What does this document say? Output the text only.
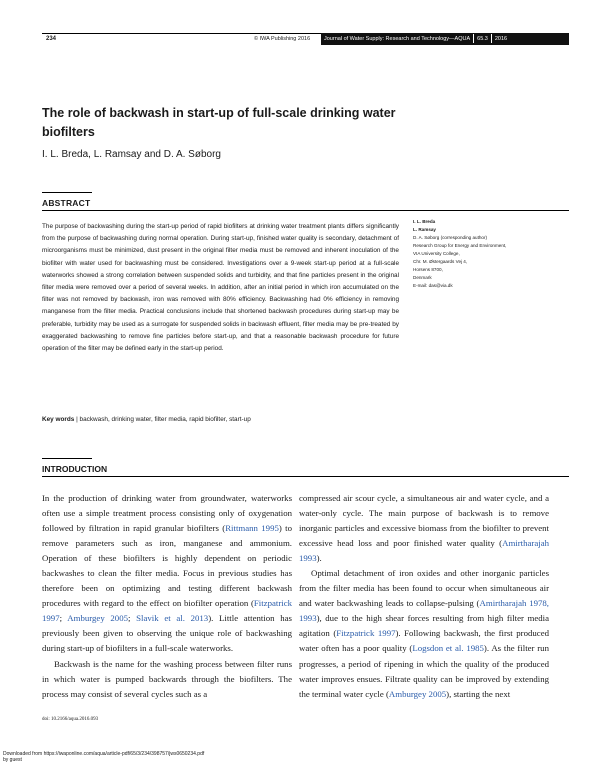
234	© IWA Publishing 2016	Journal of Water Supply: Research and Technology—AQUA 65.3 2016
The role of backwash in start-up of full-scale drinking water biofilters
I. L. Breda, L. Ramsay and D. A. Søborg
ABSTRACT
The purpose of backwashing during the start-up period of rapid biofilters at drinking water treatment plants differs significantly from the purpose of backwashing during normal operation. During start-up, finished water quality is secondary, detachment of microorganisms must be minimized, dust present in the original filter media must be removed and inherent inoculation of the biofilter with water used for backwashing must be considered. Investigations over a 9-week start-up period at a full-scale waterworks showed a strong correlation between suspended solids and turbidity, and that fine particles present in the original filter media were removed over a period of several weeks. In addition, after an initial period in which iron accumulated on the filter was not removed by backwash, iron was removed with 80% efficiency. Backwashing had 0% efficiency in removing manganese from the filter media. Practical conclusions include that shortened backwash procedures during start-up may be preferable, turbidity may be used as a surrogate for suspended solids in backwash effluent, filter media may be pre-treated by exaggerated backwashing to remove fine particles before start-up, and that a reasonable backwash procedure for future operation of the filter may be defined early in the start-up period.
Key words | backwash, drinking water, filter media, rapid biofilter, start-up
I. L. Breda
L. Ramsay
D. A. Søborg (corresponding author)
Research Group for Energy and Environment,
VIA University College,
Chr. M. Østergaards Vej 4,
Horsens 8700,
Denmark
E-mail: das@via.dk
INTRODUCTION

In the production of drinking water from groundwater, waterworks often use a simple treatment process consisting only of oxygenation followed by filtration in rapid granular biofilters (Rittmann 1995) to remove parameters such as iron, manganese and ammonium. Operation of these biofilters is highly dependent on periodic backwashes to clean the filter media. Focus in previous studies has therefore been on optimizing and testing different backwash procedures with regard to the effect on biofilter operation (Fitzpatrick 1997; Amburgey 2005; Slavik et al. 2013). Little attention has previously been given to observing the unique role of backwashing during start-up of biofilters in a full-scale waterworks.

Backwash is the name for the washing process between filter runs in which water is pumped backwards through the biofilters. The process may consist of several cycles such as a

compressed air scour cycle, a simultaneous air and water cycle, and a water-only cycle. The main purpose of backwash is to remove inorganic particles and excessive biomass from the biofilter to prevent excessive head loss and poor finished water quality (Amirtharajah 1993).

Optimal detachment of iron oxides and other inorganic particles from the filter media has been found to occur when simultaneous air and water backwashing leads to collapse-pulsing (Amirtharajah 1978, 1993), due to the high shear forces resulting from high filter media agitation (Fitzpatrick 1997). Following backwash, the first produced water often has a poor quality (Logsdon et al. 1985). As the filter run progresses, a period of ripening in which the quality of the produced water improves ensues. Filtrate quality can be improved by extending the terminal water cycle (Amburgey 2005), starting the next

doi: 10.2166/aqua.2016.093
Downloaded from https://iwaponline.com/aqua/article-pdf/65/3/234/398757/jws0650234.pdf
by guest
